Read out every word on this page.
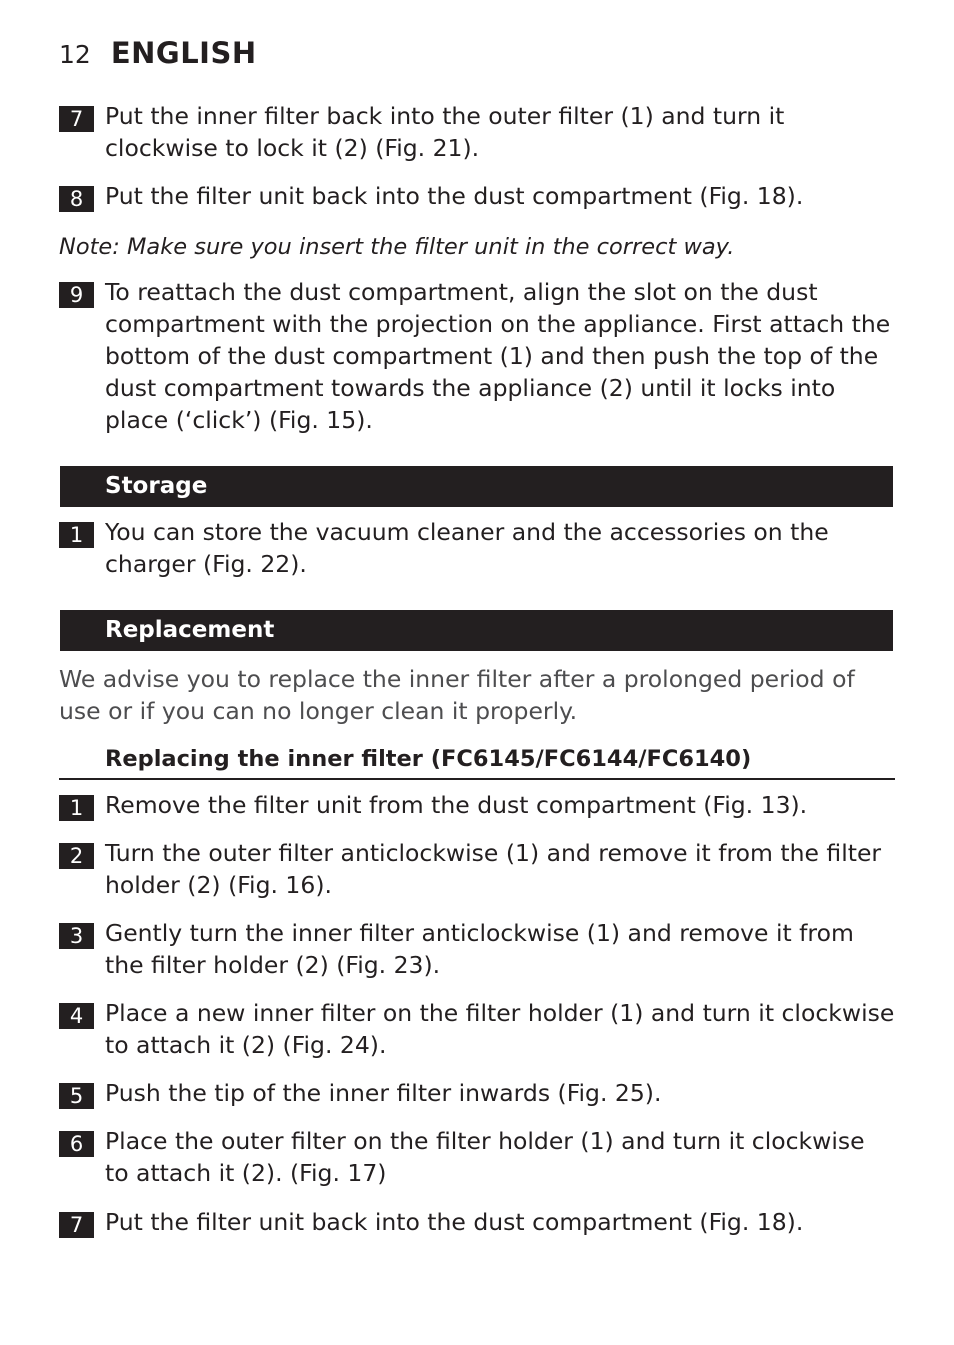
12 ENGLISH
7 Put the inner filter back into the outer filter (1) and turn it clockwise to lock it (2) (Fig. 21).
8 Put the filter unit back into the dust compartment (Fig. 18).
Note: Make sure you insert the filter unit in the correct way.
9 To reattach the dust compartment, align the slot on the dust compartment with the projection on the appliance. First attach the bottom of the dust compartment (1) and then push the top of the dust compartment towards the appliance (2) until it locks into place (‘click’) (Fig. 15).
Storage
1 You can store the vacuum cleaner and the accessories on the charger (Fig. 22).
Replacement
We advise you to replace the inner filter after a prolonged period of use or if you can no longer clean it properly.
Replacing the inner filter (FC6145/FC6144/FC6140)
1 Remove the filter unit from the dust compartment (Fig. 13).
2 Turn the outer filter anticlockwise (1) and remove it from the filter holder (2) (Fig. 16).
3 Gently turn the inner filter anticlockwise (1) and remove it from the filter holder (2) (Fig. 23).
4 Place a new inner filter on the filter holder (1) and turn it clockwise to attach it (2) (Fig. 24).
5 Push the tip of the inner filter inwards (Fig. 25).
6 Place the outer filter on the filter holder (1) and turn it clockwise to attach it (2). (Fig. 17)
7 Put the filter unit back into the dust compartment (Fig. 18).
